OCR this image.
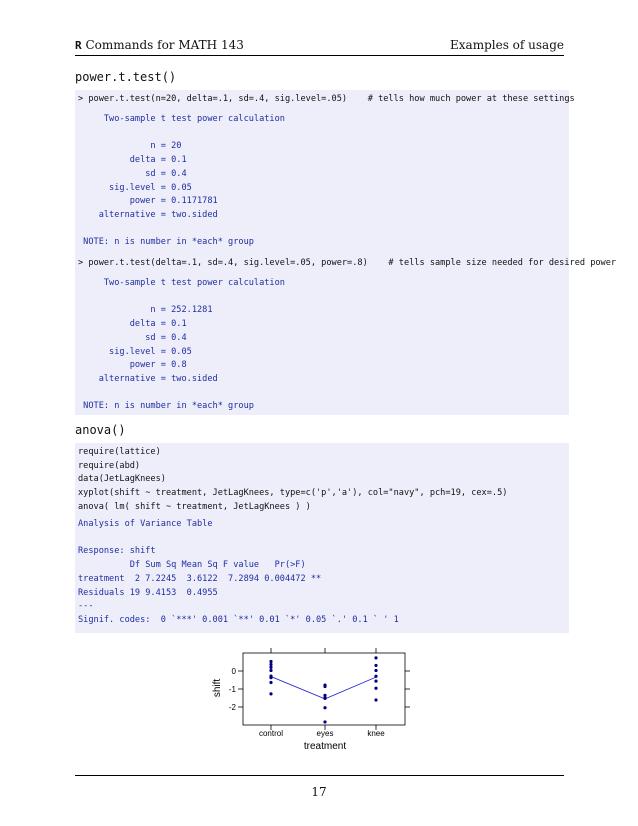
R Commands for MATH 143	Examples of usage
power.t.test()
> power.t.test(n=20, delta=.1, sd=.4, sig.level=.05)    # tells how much power at these settings
Two-sample t test power calculation
n = 20
delta = 0.1
sd = 0.4
sig.level = 0.05
power = 0.1171781
alternative = two.sided
NOTE: n is number in *each* group
> power.t.test(delta=.1, sd=.4, sig.level=.05, power=.8)    # tells sample size needed for desired power
Two-sample t test power calculation
n = 252.1281
delta = 0.1
sd = 0.4
sig.level = 0.05
power = 0.8
alternative = two.sided
NOTE: n is number in *each* group
anova()
require(lattice)
require(abd)
data(JetLagKnees)
xyplot(shift ~ treatment, JetLagKnees, type=c('p','a'), col="navy", pch=19, cex=.5)
anova( lm( shift ~ treatment, JetLagKnees ) )
Analysis of Variance Table
Response: shift
Df Sum Sq Mean Sq F value   Pr(>F)
treatment  2 7.2245  3.6122  7.2894 0.004472 **
Residuals 19 9.4153  0.4955
---
Signif. codes:  0 `***' 0.001 `**' 0.01 `*' 0.05 `.' 0.1 ` ' 1
0
-1
-2
control	eyes	knee
shift
treatment
17
